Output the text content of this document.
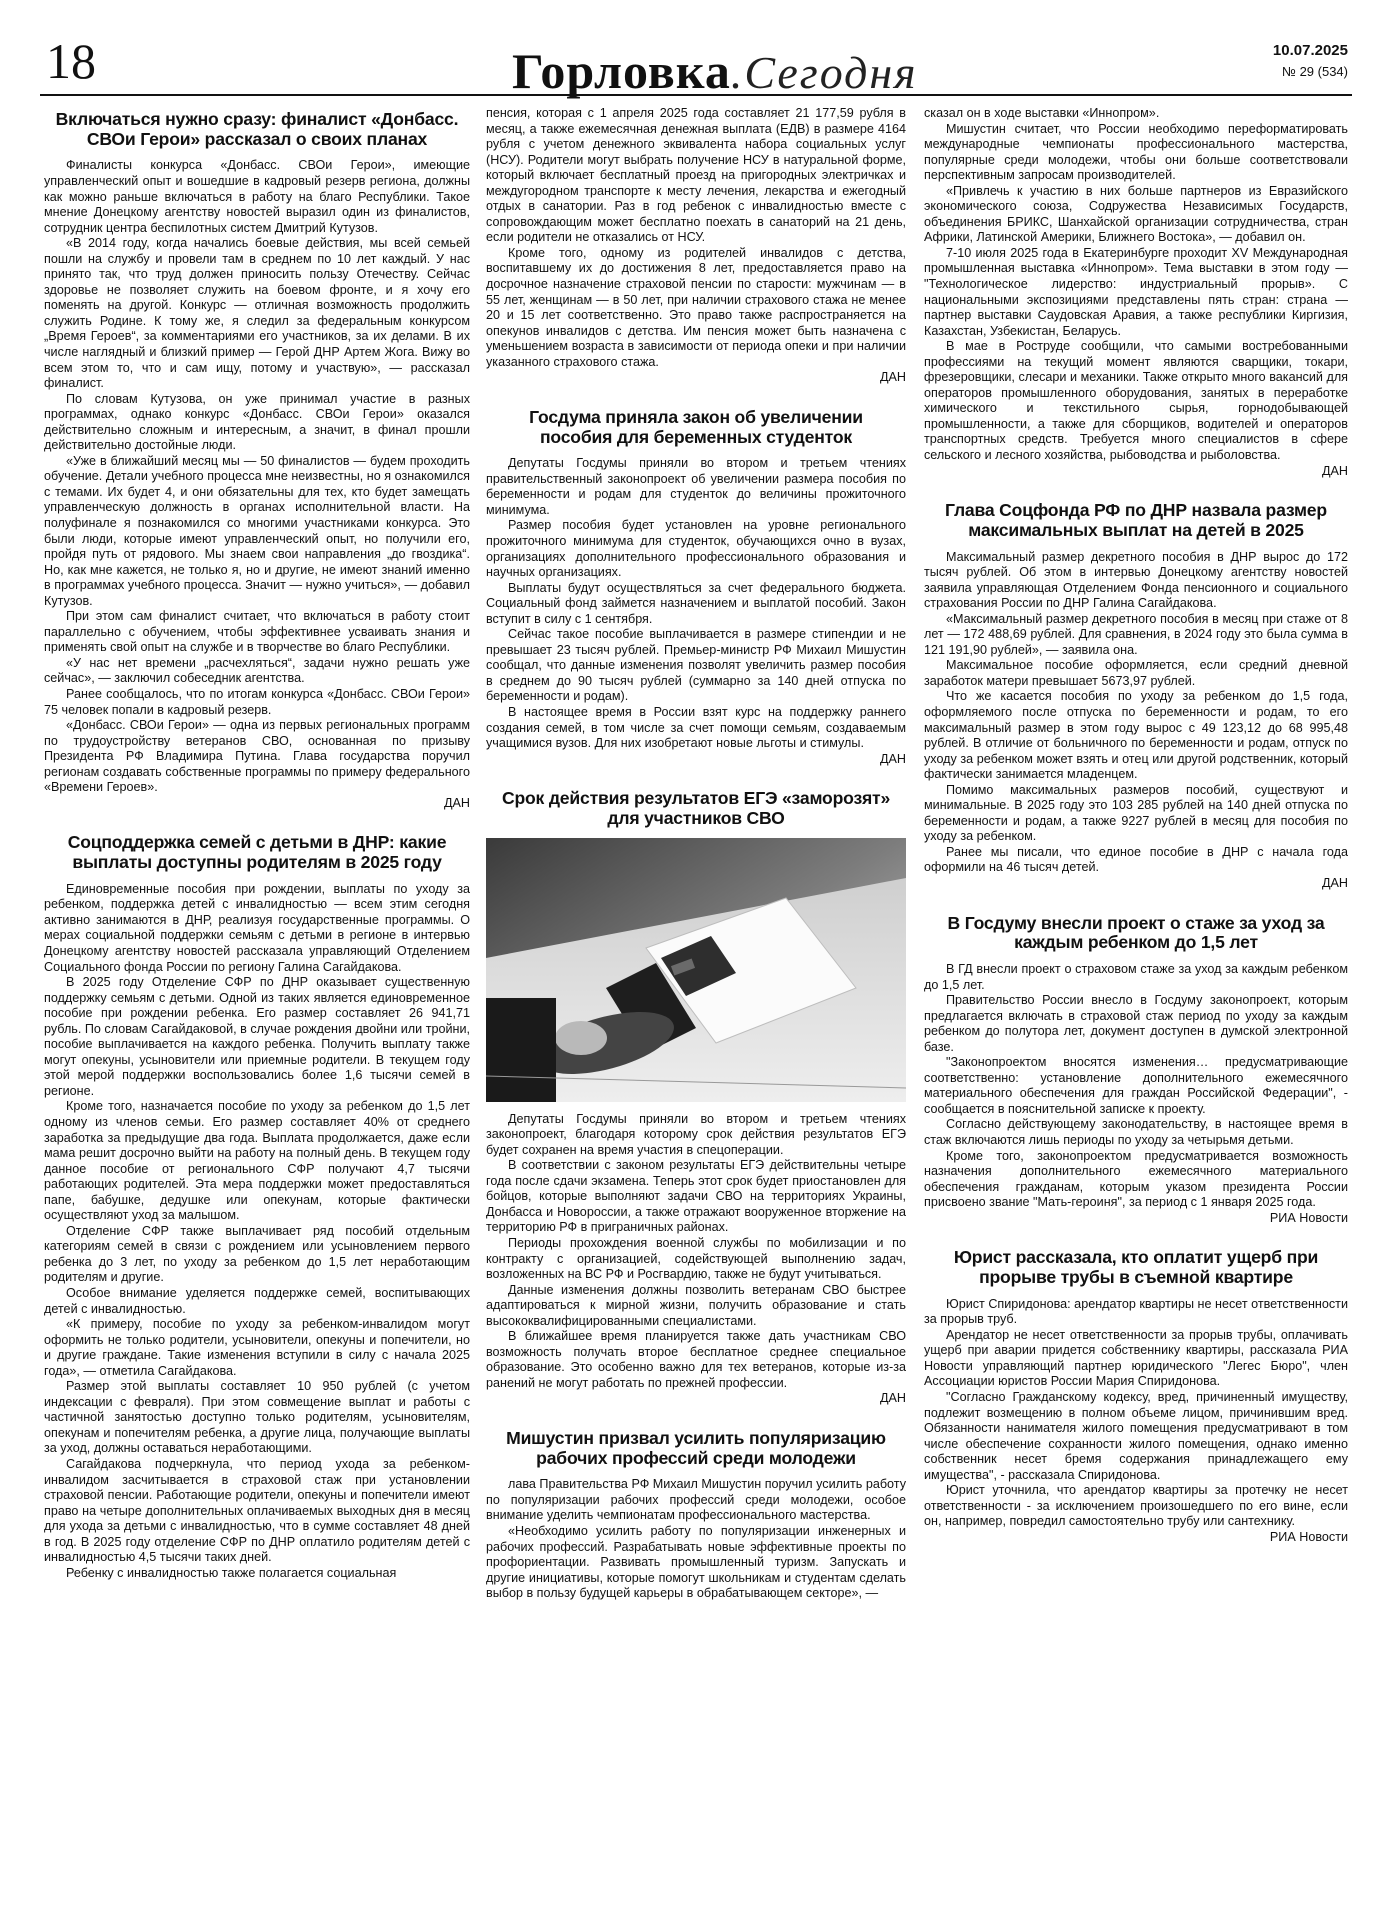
18	Горловка.Сегодня	10.07.2025
№ 29 (534)
Включаться нужно сразу: финалист «Донбасс. СВОи Герои» рассказал о своих планах

Финалисты конкурса «Донбасс. СВОи Герои», имеющие управленческий опыт и вошедшие в кадровый резерв региона, должны как можно раньше включаться в работу на благо Республики. Такое мнение Донецкому агентству новостей выразил один из финалистов, сотрудник центра беспилотных систем Дмитрий Кутузов.

«В 2014 году, когда начались боевые действия, мы всей семьей пошли на службу и провели там в среднем по 10 лет каждый. У нас принято так, что труд должен приносить пользу Отечеству. Сейчас здоровье не позволяет служить на боевом фронте, и я хочу его поменять на другой. Конкурс — отличная возможность продолжить служить Родине. К тому же, я следил за федеральным конкурсом „Время Героев“, за комментариями его участников, за их делами. В их числе наглядный и близкий пример — Герой ДНР Артем Жога. Вижу во всем этом то, что и сам ищу, потому и участвую», — рассказал финалист.

По словам Кутузова, он уже принимал участие в разных программах, однако конкурс «Донбасс. СВОи Герои» оказался действительно сложным и интересным, а значит, в финал прошли действительно достойные люди.

«Уже в ближайший месяц мы — 50 финалистов — будем проходить обучение. Детали учебного процесса мне неизвестны, но я ознакомился с темами. Их будет 4, и они обязательны для тех, кто будет замещать управленческую должность в органах исполнительной власти. На полуфинале я познакомился со многими участниками конкурса. Это были люди, которые имеют управленческий опыт, но получили его, пройдя путь от рядового. Мы знаем свои направления „до гвоздика“. Но, как мне кажется, не только я, но и другие, не имеют знаний именно в программах учебного процесса. Значит — нужно учиться», — добавил Кутузов.

При этом сам финалист считает, что включаться в работу стоит параллельно с обучением, чтобы эффективнее усваивать знания и применять свой опыт на службе и в творчестве во благо Республики.

«У нас нет времени „расчехляться“, задачи нужно решать уже сейчас», — заключил собеседник агентства.

Ранее сообщалось, что по итогам конкурса «Донбасс. СВОи Герои» 75 человек попали в кадровый резерв.

«Донбасс. СВОи Герои» — одна из первых региональных программ по трудоустройству ветеранов СВО, основанная по призыву Президента РФ Владимира Путина. Глава государства поручил регионам создавать собственные программы по примеру федерального «Времени Героев».

ДАН

Соцподдержка семей с детьми в ДНР: какие выплаты доступны родителям в 2025 году

Единовременные пособия при рождении, выплаты по уходу за ребенком, поддержка детей с инвалидностью — всем этим сегодня активно занимаются в ДНР, реализуя государственные программы. О мерах социальной поддержки семьям с детьми в регионе в интервью Донецкому агентству новостей рассказала управляющий Отделением Социального фонда России по региону Галина Сагайдакова.

В 2025 году Отделение СФР по ДНР оказывает существенную поддержку семьям с детьми. Одной из таких является единовременное пособие при рождении ребенка. Его размер составляет 26 941,71 рубль. По словам Сагайдаковой, в случае рождения двойни или тройни, пособие выплачивается на каждого ребенка. Получить выплату также могут опекуны, усыновители или приемные родители. В текущем году этой мерой поддержки воспользовались более 1,6 тысячи семей в регионе.

Кроме того, назначается пособие по уходу за ребенком до 1,5 лет одному из членов семьи. Его размер составляет 40% от среднего заработка за предыдущие два года. Выплата продолжается, даже если мама решит досрочно выйти на работу на полный день. В текущем году данное пособие от регионального СФР получают 4,7 тысячи работающих родителей. Эта мера поддержки может предоставляться папе, бабушке, дедушке или опекунам, которые фактически осуществляют уход за малышом.

Отделение СФР также выплачивает ряд пособий отдельным категориям семей в связи с рождением или усыновлением первого ребенка до 3 лет, по уходу за ребенком до 1,5 лет неработающим родителям и другие.

Особое внимание уделяется поддержке семей, воспитывающих детей с инвалидностью.

«К примеру, пособие по уходу за ребенком-инвалидом могут оформить не только родители, усыновители, опекуны и попечители, но и другие граждане. Такие изменения вступили в силу с начала 2025 года», — отметила Сагайдакова.

Размер этой выплаты составляет 10 950 рублей (с учетом индексации с февраля). При этом совмещение выплат и работы с частичной занятостью доступно только родителям, усыновителям, опекунам и попечителям ребенка, а другие лица, получающие выплаты за уход, должны оставаться неработающими.

Сагайдакова подчеркнула, что период ухода за ребенком-инвалидом засчитывается в страховой стаж при установлении страховой пенсии. Работающие родители, опекуны и попечители имеют право на четыре дополнительных оплачиваемых выходных дня в месяц для ухода за детьми с инвалидностью, что в сумме составляет 48 дней в год. В 2025 году отделение СФР по ДНР оплатило родителям детей с инвалидностью 4,5 тысячи таких дней.

Ребенку с инвалидностью также полагается социальная

пенсия, которая с 1 апреля 2025 года составляет 21 177,59 рубля в месяц, а также ежемесячная денежная выплата (ЕДВ) в размере 4164 рубля с учетом денежного эквивалента набора социальных услуг (НСУ). Родители могут выбрать получение НСУ в натуральной форме, который включает бесплатный проезд на пригородных электричках и междугородном транспорте к месту лечения, лекарства и ежегодный отдых в санатории. Раз в год ребенок с инвалидностью вместе с сопровождающим может бесплатно поехать в санаторий на 21 день, если родители не отказались от НСУ.

Кроме того, одному из родителей инвалидов с детства, воспитавшему их до достижения 8 лет, предоставляется право на досрочное назначение страховой пенсии по старости: мужчинам — в 55 лет, женщинам — в 50 лет, при наличии страхового стажа не менее 20 и 15 лет соответственно. Это право также распространяется на опекунов инвалидов с детства. Им пенсия может быть назначена с уменьшением возраста в зависимости от периода опеки и при наличии указанного страхового стажа.

ДАН

Госдума приняла закон об увеличении пособия для беременных студенток

Депутаты Госдумы приняли во втором и третьем чтениях правительственный законопроект об увеличении размера пособия по беременности и родам для студенток до величины прожиточного минимума.

Размер пособия будет установлен на уровне регионального прожиточного минимума для студенток, обучающихся очно в вузах, организациях дополнительного профессионального образования и научных организациях.

Выплаты будут осуществляться за счет федерального бюджета. Социальный фонд займется назначением и выплатой пособий. Закон вступит в силу с 1 сентября.

Сейчас такое пособие выплачивается в размере стипендии и не превышает 23 тысяч рублей. Премьер-министр РФ Михаил Мишустин сообщал, что данные изменения позволят увеличить размер пособия в среднем до 90 тысяч рублей (суммарно за 140 дней отпуска по беременности и родам).

В настоящее время в России взят курс на поддержку раннего создания семей, в том числе за счет помощи семьям, создаваемым учащимися вузов. Для них изобретают новые льготы и стимулы.

ДАН

Срок действия результатов ЕГЭ «заморозят» для участников СВО

Депутаты Госдумы приняли во втором и третьем чтениях законопроект, благодаря которому срок действия результатов ЕГЭ будет сохранен на время участия в спецоперации.

В соответствии с законом результаты ЕГЭ действительны четыре года после сдачи экзамена. Теперь этот срок будет приостановлен для бойцов, которые выполняют задачи СВО на территориях Украины, Донбасса и Новороссии, а также отражают вооруженное вторжение на территорию РФ в приграничных районах.

Периоды прохождения военной службы по мобилизации и по контракту с организацией, содействующей выполнению задач, возложенных на ВС РФ и Росгвардию, также не будут учитываться.

Данные изменения должны позволить ветеранам СВО быстрее адаптироваться к мирной жизни, получить образование и стать высококвалифицированными специалистами.

В ближайшее время планируется также дать участникам СВО возможность получать второе бесплатное среднее специальное образование. Это особенно важно для тех ветеранов, которые из-за ранений не могут работать по прежней профессии.

ДАН

Мишустин призвал усилить популяризацию рабочих профессий среди молодежи

лава Правительства РФ Михаил Мишустин поручил усилить работу по популяризации рабочих профессий среди молодежи, особое внимание уделить чемпионатам профессионального мастерства.

«Необходимо усилить работу по популяризации инженерных и рабочих профессий. Разрабатывать новые эффективные проекты по профориентации. Развивать промышленный туризм. Запускать и другие инициативы, которые помогут школьникам и студентам сделать выбор в пользу будущей карьеры в обрабатывающем секторе», —

сказал он в ходе выставки «Иннопром».

Мишустин считает, что России необходимо переформатировать международные чемпионаты профессионального мастерства, популярные среди молодежи, чтобы они больше соответствовали перспективным запросам производителей.

«Привлечь к участию в них больше партнеров из Евразийского экономического союза, Содружества Независимых Государств, объединения БРИКС, Шанхайской организации сотрудничества, стран Африки, Латинской Америки, Ближнего Востока», — добавил он.

7-10 июля 2025 года в Екатеринбурге проходит XV Международная промышленная выставка «Иннопром». Тема выставки в этом году — "Технологическое лидерство: индустриальный прорыв». С национальными экспозициями представлены пять стран: страна — партнер выставки Саудовская Аравия, а также республики Киргизия, Казахстан, Узбекистан, Беларусь.

В мае в Роструде сообщили, что самыми востребованными профессиями на текущий момент являются сварщики, токари, фрезеровщики, слесари и механики. Также открыто много вакансий для операторов промышленного оборудования, занятых в переработке химического и текстильного сырья, горнодобывающей промышленности, а также для сборщиков, водителей и операторов транспортных средств. Требуется много специалистов в сфере сельского и лесного хозяйства, рыбоводства и рыболовства.

ДАН

Глава Соцфонда РФ по ДНР назвала размер максимальных выплат на детей в 2025

Максимальный размер декретного пособия в ДНР вырос до 172 тысяч рублей. Об этом в интервью Донецкому агентству новостей заявила управляющая Отделением Фонда пенсионного и социального страхования России по ДНР Галина Сагайдакова.

«Максимальный размер декретного пособия в месяц при стаже от 8 лет — 172 488,69 рублей. Для сравнения, в 2024 году это была сумма в 121 191,90 рублей», — заявила она.

Максимальное пособие оформляется, если средний дневной заработок матери превышает 5673,97 рублей.

Что же касается пособия по уходу за ребенком до 1,5 года, оформляемого после отпуска по беременности и родам, то его максимальный размер в этом году вырос с 49 123,12 до 68 995,48 рублей. В отличие от больничного по беременности и родам, отпуск по уходу за ребенком может взять и отец или другой родственник, который фактически занимается младенцем.

Помимо максимальных размеров пособий, существуют и минимальные. В 2025 году это 103 285 рублей на 140 дней отпуска по беременности и родам, а также 9227 рублей в месяц для пособия по уходу за ребенком.

Ранее мы писали, что единое пособие в ДНР с начала года оформили на 46 тысяч детей.

ДАН

В Госдуму внесли проект о стаже за уход за каждым ребенком до 1,5 лет

В ГД внесли проект о страховом стаже за уход за каждым ребенком до 1,5 лет.

Правительство России внесло в Госдуму законопроект, которым предлагается включать в страховой стаж период по уходу за каждым ребенком до полутора лет, документ доступен в думской электронной базе.

"Законопроектом вносятся изменения… предусматривающие соответственно: установление дополнительного ежемесячного материального обеспечения для граждан Российской Федерации", - сообщается в пояснительной записке к проекту.

Согласно действующему законодательству, в настоящее время в стаж включаются лишь периоды по уходу за четырьмя детьми.

Кроме того, законопроектом предусматривается возможность назначения дополнительного ежемесячного материального обеспечения гражданам, которым указом президента России присвоено звание "Мать-героиня", за период с 1 января 2025 года.

РИА Новости

Юрист рассказала, кто оплатит ущерб при прорыве трубы в съемной квартире

Юрист Спиридонова: арендатор квартиры не несет ответственности за прорыв труб.

Арендатор не несет ответственности за прорыв трубы, оплачивать ущерб при аварии придется собственнику квартиры, рассказала РИА Новости управляющий партнер юридического "Легес Бюро", член Ассоциации юристов России Мария Спиридонова.

"Согласно Гражданскому кодексу, вред, причиненный имуществу, подлежит возмещению в полном объеме лицом, причинившим вред. Обязанности нанимателя жилого помещения предусматривают в том числе обеспечение сохранности жилого помещения, однако именно собственник несет бремя содержания принадлежащего ему имущества", - рассказала Спиридонова.

Юрист уточнила, что арендатор квартиры за протечку не несет ответственности - за исключением произошедшего по его вине, если он, например, повредил самостоятельно трубу или сантехнику.

РИА Новости
